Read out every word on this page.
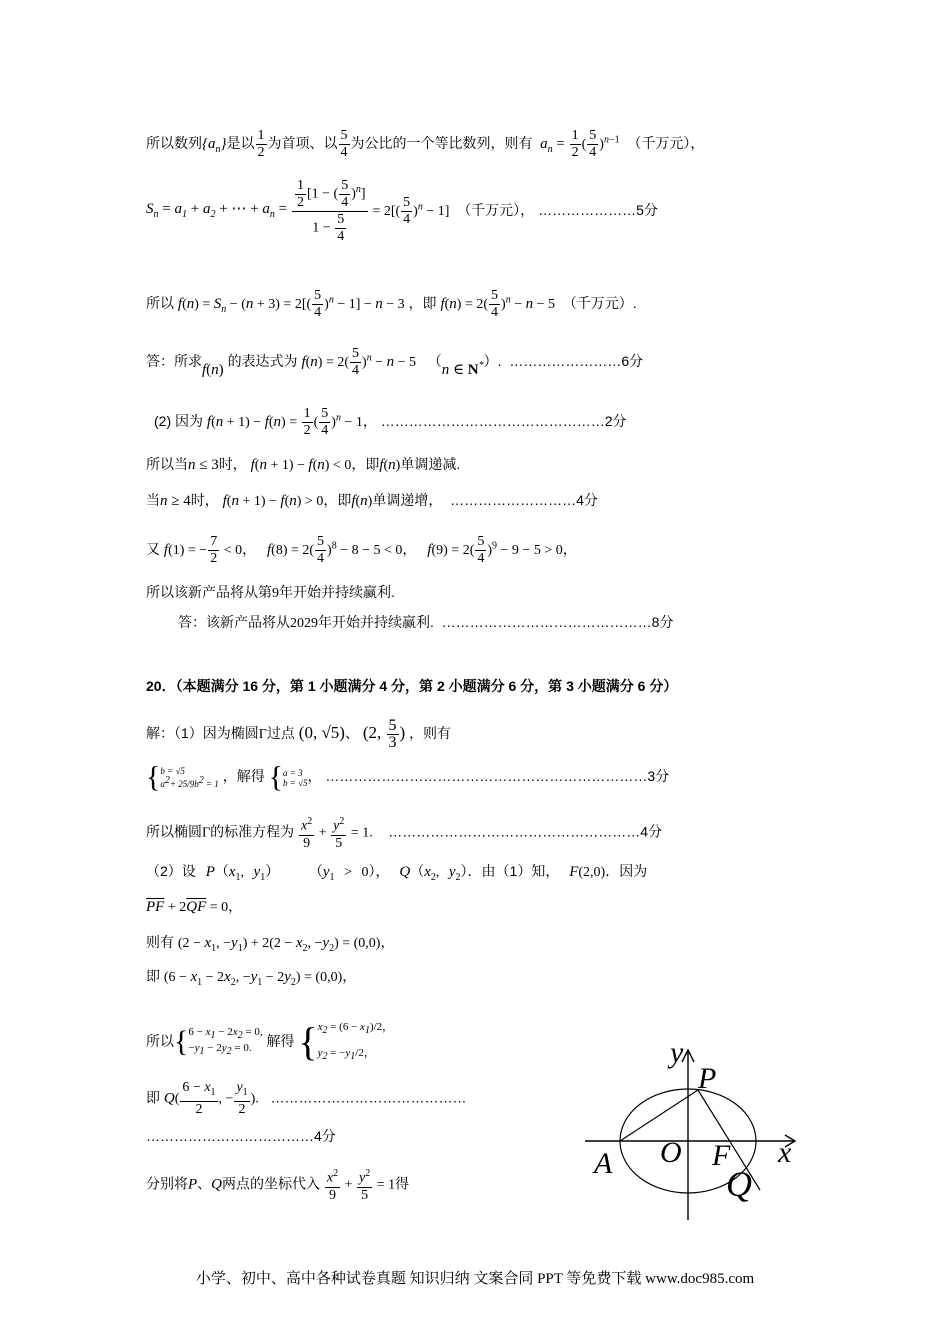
所以数列$\{a_n\}$是以 $\frac{1}{2}$ 为首项、以 $\frac{5}{4}$ 为公比的一个等比数列，则有  $a_n = \frac{1}{2}$ ( $\frac{5}{4} )^{n-1}$ （千万元），
$S_n = a_1 + a_2$ + ⋯ + $a_n = \frac{\frac{1}{2} [1 - ( \frac{5}{4} )^n]}{1 - \frac{5}{4}} = 2[( \frac{5}{4} )^n - 1]$ （千万元）， …………………5分
所以 $f(n) = S_n - (n + 3) = 2[( \frac{5}{4} )^n - 1] - n - 3$ ，即 $f(n) = 2( \frac{5}{4} )^n - n - 5$ （千万元）.
答：所求f(n) 的表达式为 $f(n) = 2( \frac{5}{4} )^n - n - 5$ （n ∈ N*）. ……………………6分
(2) 因为 $f(n + 1) - f(n) = \frac{1}{2}$ ( $\frac{5}{4} )^n - 1$， …………………………………………2分
所以当n ≤ 3时， f(n + 1) − f(n) < 0，即f(n)单调递减.
当n ≥ 4时， f(n + 1) − f(n) > 0，即f(n)单调递增， ………………………4分
又 f(1) = − $\frac{7}{2} < 0$，   $f(8) = 2( \frac{5}{4} )^8 - 8 - 5 < 0$，   $f(9) = 2( \frac{5}{4} )^9 - 9 - 5 > 0$，
所以该新产品将从第9年开始并持续赢利.
答：该新产品将从2029年开始并持续赢利. ………………………………………8分
20．（本题满分 16 分，第 1 小题满分 4 分，第 2 小题满分 6 分，第 3 小题满分 6 分）
解：（1）因为椭圆Γ过点 (0, √5)、 (2, $\frac{5}{3}$ ) ，则有
{ b = √5
$a^2+ 25/9b^2 = 1$ ，解得 { a = 3
b = √5 ， ……………………………………………………………3分
所以椭圆Γ的标准方程为 $\frac{x^2}{9} + \frac{y^2}{5} = 1$. ………………………………………………4分
（2）设 $P(x_1$, $y_1$） $(y_1 > 0)$， $Q(x_2$, $y_2$）．由（1）知， F(2,0)．因为
$\overline{PF} + 2\overline{QF} = 0$，
则有 ($2 - x_1$, $-y_1) + 2(2 - x_2$, $-y_2) = (0,0)$，
即 ($6 - x_1 - 2x_2$, $-y_1 - 2y_2) = (0,0)$，
所以{ $6 - x_1 - 2x_2 = 0$,
$-y_1 - 2y_2 = 0$.	解得 { $x_2 = (6 - x_1)/2$，
$y_2 = -y_1/2$，
即 $Q( \frac{6 - x_1}{2}$ , − $\frac{y_1}{2}$ ). ……………………………………
………………………………4分
分别将P、Q两点的坐标代入 $\frac{x^2}{9} + \frac{y^2}{5} = 1$得
y
x
P
O F
A
Q
小学、初中、高中各种试卷真题 知识归纳 文案合同 PPT 等免费下载 www.doc985.com
